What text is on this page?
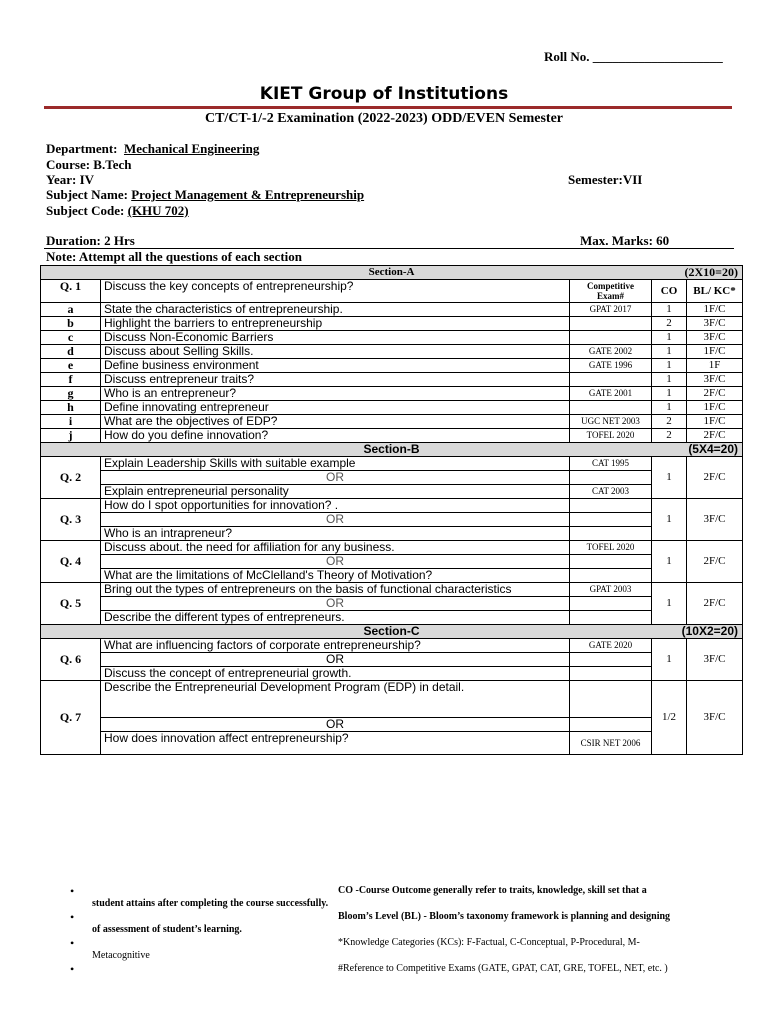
Roll No. ____________________
KIET Group of Institutions
CT/CT-1/-2 Examination (2022-2023) ODD/EVEN Semester
Department: Mechanical Engineering
Course: B.Tech
Year: IV	Semester:VII
Subject Name: Project Management & Entrepreneurship
Subject Code: (KHU 702)
Duration: 2 Hrs	Max. Marks: 60
Note: Attempt all the questions of each section
Section-A (2X10=20)				

Q. 1	Discuss the key concepts of entrepreneurship?	Competitive Exam#	CO	BL/ KC*
a	State the characteristics of entrepreneurship.	GPAT 2017	1	1F/C
b	Highlight the barriers to entrepreneurship		2	3F/C
c	Discuss Non-Economic Barriers		1	3F/C
d	Discuss about Selling Skills.	GATE 2002	1	1F/C
e	Define business environment	GATE 1996	1	1F
f	Discuss entrepreneur traits?		1	3F/C
g	Who is an entrepreneur?	GATE 2001	1	2F/C
h	Define innovating entrepreneur		1	1F/C
i	What are the objectives of EDP?	UGC NET 2003	2	1F/C
j	How do you define innovation?	TOFEL 2020	2	2F/C
Section-B (5X4=20)				

Q. 2	Explain Leadership Skills with suitable example	CAT 1995	1	2F/C
	OR			
	Explain entrepreneurial personality	CAT 2003		
Q. 3	How do I spot opportunities for innovation? .		1	3F/C
	OR			
	Who is an intrapreneur?			
Q. 4	Discuss about. the need for affiliation for any business.	TOFEL 2020	1	2F/C
	OR			
	What are the limitations of McClelland's Theory of Motivation?			
Q. 5	Bring out the types of entrepreneurs on the basis of functional characteristics	GPAT 2003	1	2F/C
	OR			
	Describe the different types of entrepreneurs.			
Section-C (10X2=20)				

Q. 6	What are influencing factors of corporate entrepreneurship?	GATE 2020	1	3F/C
	OR			
	Discuss the concept of entrepreneurial growth.			
Q. 7	Describe the Entrepreneurial Development Program (EDP) in detail.		1/2	3F/C
	OR			
	How does innovation affect entrepreneurship?	CSIR NET 2006		
•	CO -Course Outcome generally refer to traits, knowledge, skill set that a
student attains after completing the course successfully.
•	Bloom’s Level (BL) - Bloom’s taxonomy framework is planning and designing
of assessment of student’s learning.
•	*Knowledge Categories (KCs): F-Factual, C-Conceptual, P-Procedural, M-
Metacognitive
•	#Reference to Competitive Exams (GATE, GPAT, CAT, GRE, TOFEL, NET, etc. )
